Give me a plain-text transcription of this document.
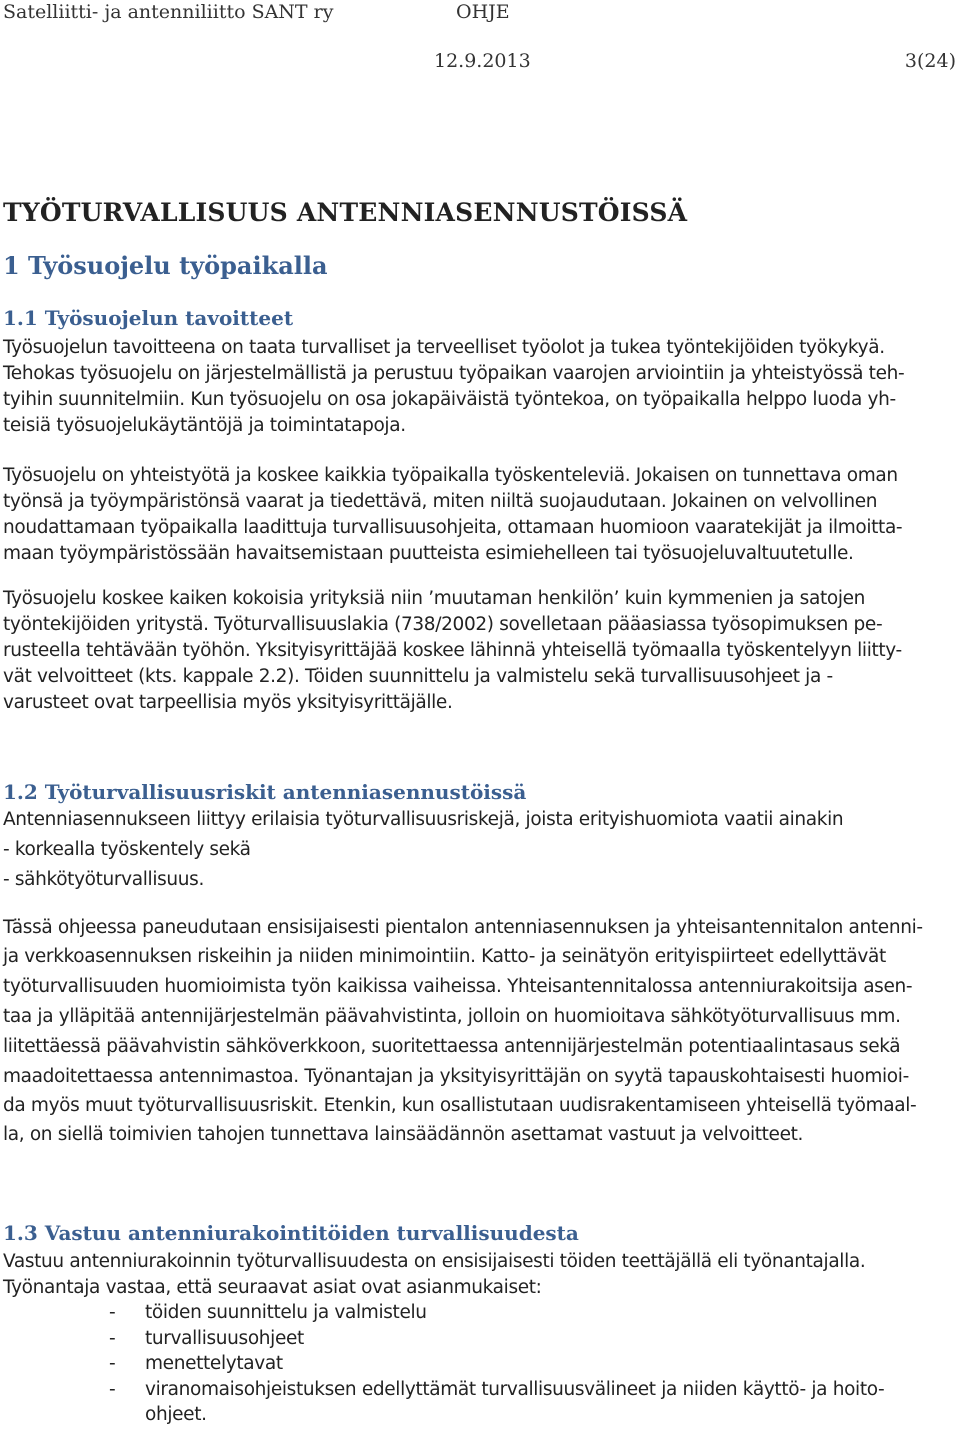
Satelliitti- ja antenniliitto SANT ry	OHJE
12.9.2013	3(24)
TYÖTURVALLISUUS ANTENNIASENNUSTÖISSÄ
1 Työsuojelu työpaikalla
1.1 Työsuojelun tavoitteet
Työsuojelun tavoitteena on taata turvalliset ja terveelliset työolot ja tukea työntekijöiden työkykyä.
Tehokas työsuojelu on järjestelmällistä ja perustuu työpaikan vaarojen arviointiin ja yhteistyössä teh-
tyihin suunnitelmiin. Kun työsuojelu on osa jokapäiväistä työntekoa, on työpaikalla helppo luoda yh-
teisiä työsuojelukäytäntöjä ja toimintatapoja.
Työsuojelu on yhteistyötä ja koskee kaikkia työpaikalla työskenteleviä. Jokaisen on tunnettava oman
työnsä ja työympäristönsä vaarat ja tiedettävä, miten niiltä suojaudutaan. Jokainen on velvollinen
noudattamaan työpaikalla laadittuja turvallisuusohjeita, ottamaan huomioon vaaratekijät ja ilmoitta-
maan työympäristössään havaitsemistaan puutteista esimiehelleen tai työsuojeluvaltuutetulle.
Työsuojelu koskee kaiken kokoisia yrityksiä niin ’muutaman henkilön’ kuin kymmenien ja satojen
työntekijöiden yritystä. Työturvallisuuslakia (738/2002) sovelletaan pääasiassa työsopimuksen pe-
rusteella tehtävään työhön. Yksityisyrittäjää koskee lähinnä yhteisellä työmaalla työskentelyyn liitty-
vät velvoitteet (kts. kappale 2.2). Töiden suunnittelu ja valmistelu sekä turvallisuusohjeet ja -
varusteet ovat tarpeellisia myös yksityisyrittäjälle.
1.2 Työturvallisuusriskit antenniasennustöissä
Antenniasennukseen liittyy erilaisia työturvallisuusriskejä, joista erityishuomiota vaatii ainakin
- korkealla työskentely sekä
- sähkötyöturvallisuus.
Tässä ohjeessa paneudutaan ensisijaisesti pientalon antenniasennuksen ja yhteisantennitalon antenni-
ja verkkoasennuksen riskeihin ja niiden minimointiin. Katto- ja seinätyön erityispiirteet edellyttävät
työturvallisuuden huomioimista työn kaikissa vaiheissa. Yhteisantennitalossa antenniurakoitsija asen-
taa ja ylläpitää antennijärjestelmän päävahvistinta, jolloin on huomioitava sähkötyöturvallisuus mm.
liitettäessä päävahvistin sähköverkkoon, suoritettaessa antennijärjestelmän potentiaalintasaus sekä
maadoitettaessa antennimastoa. Työnantajan ja yksityisyrittäjän on syytä tapauskohtaisesti huomioi-
da myös muut työturvallisuusriskit. Etenkin, kun osallistutaan uudisrakentamiseen yhteisellä työmaal-
la, on siellä toimivien tahojen tunnettava lainsäädännön asettamat vastuut ja velvoitteet.
1.3 Vastuu antenniurakointitöiden turvallisuudesta
Vastuu antenniurakoinnin työturvallisuudesta on ensisijaisesti töiden teettäjällä eli työnantajalla.
Työnantaja vastaa, että seuraavat asiat ovat asianmukaiset:
- töiden suunnittelu ja valmistelu
- turvallisuusohjeet
- menettelytavat
- viranomaisohjeistuksen edellyttämät turvallisuusvälineet ja niiden käyttö- ja hoito-
ohjeet.
